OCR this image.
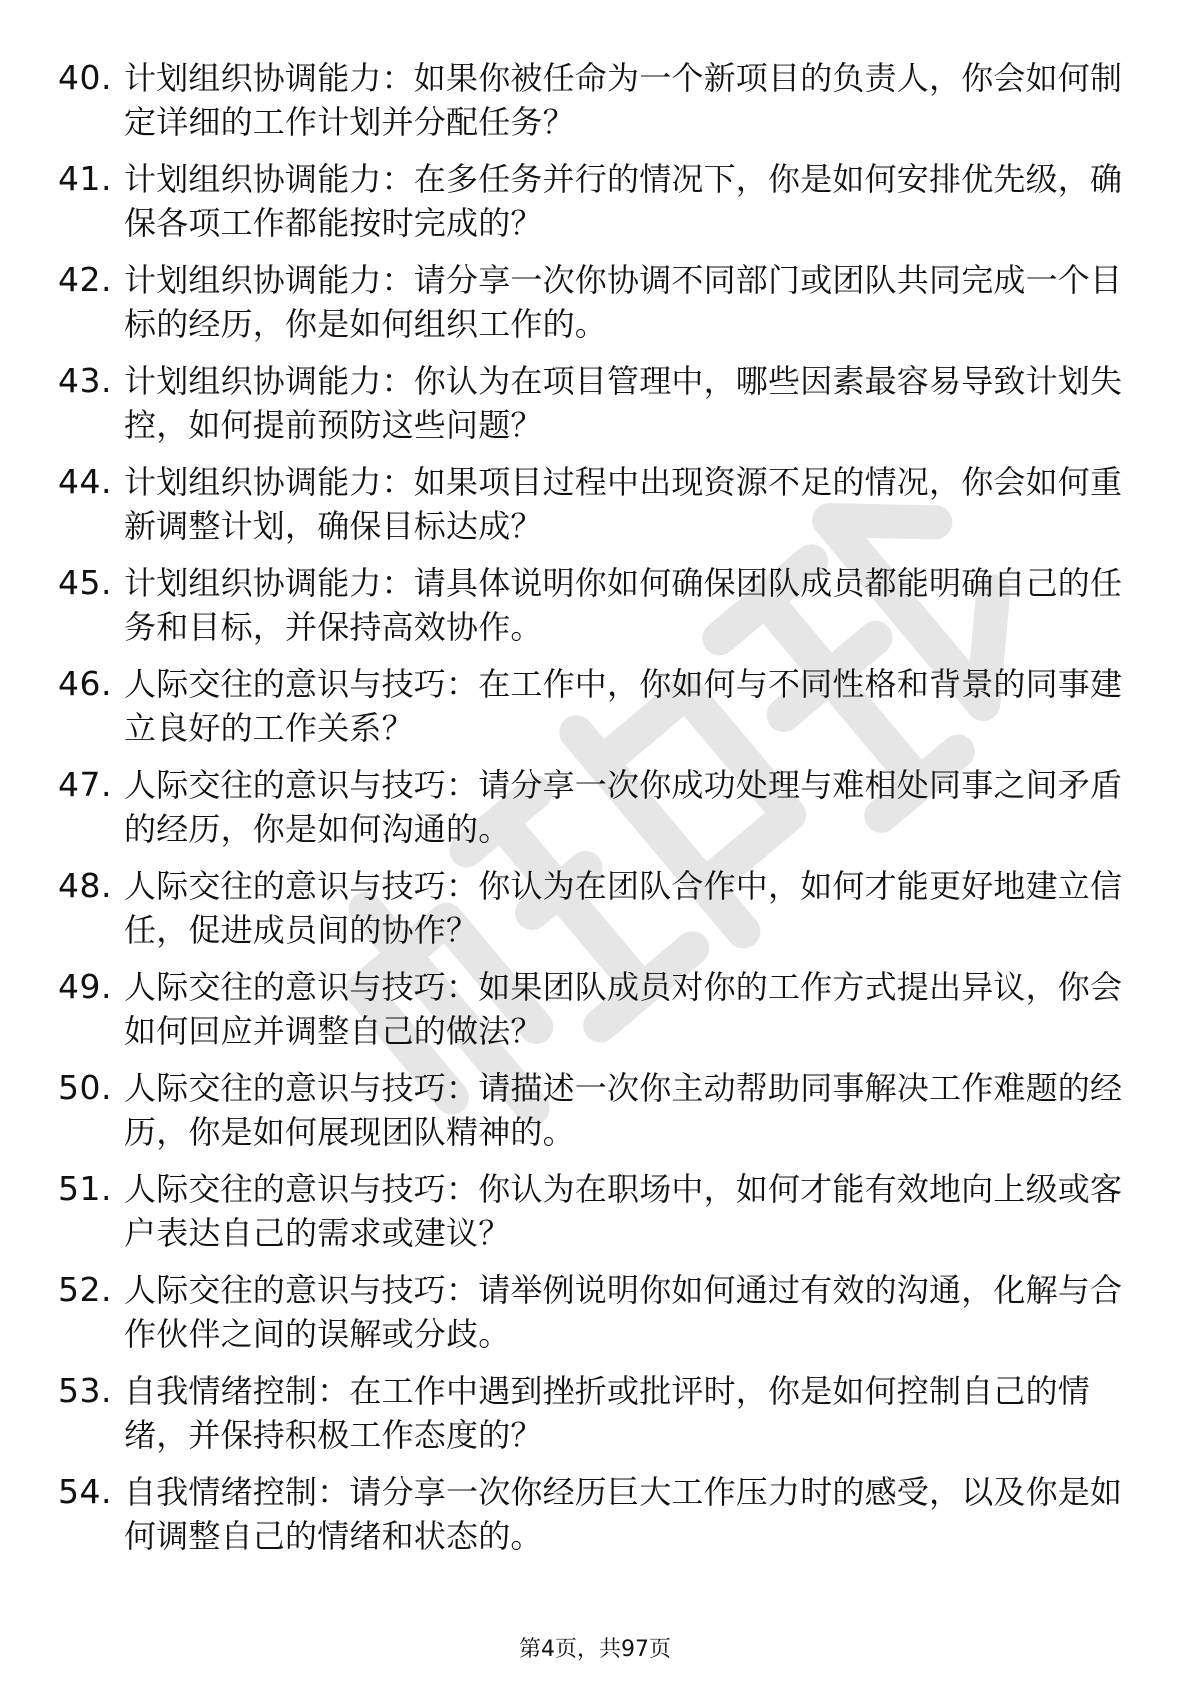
40. 计划组织协调能力：如果你被任命为一个新项目的负责人，你会如何制定详细的工作计划并分配任务？
41. 计划组织协调能力：在多任务并行的情况下，你是如何安排优先级，确保各项工作都能按时完成的？
42. 计划组织协调能力：请分享一次你协调不同部门或团队共同完成一个目标的经历，你是如何组织工作的。
43. 计划组织协调能力：你认为在项目管理中，哪些因素最容易导致计划失控，如何提前预防这些问题？
44. 计划组织协调能力：如果项目过程中出现资源不足的情况，你会如何重新调整计划，确保目标达成？
45. 计划组织协调能力：请具体说明你如何确保团队成员都能明确自己的任务和目标，并保持高效协作。
46. 人际交往的意识与技巧：在工作中，你如何与不同性格和背景的同事建立良好的工作关系？
47. 人际交往的意识与技巧：请分享一次你成功处理与难相处同事之间矛盾的经历，你是如何沟通的。
48. 人际交往的意识与技巧：你认为在团队合作中，如何才能更好地建立信任，促进成员间的协作？
49. 人际交往的意识与技巧：如果团队成员对你的工作方式提出异议，你会如何回应并调整自己的做法？
50. 人际交往的意识与技巧：请描述一次你主动帮助同事解决工作难题的经历，你是如何展现团队精神的。
51. 人际交往的意识与技巧：你认为在职场中，如何才能有效地向上级或客户表达自己的需求或建议？
52. 人际交往的意识与技巧：请举例说明你如何通过有效的沟通，化解与合作伙伴之间的误解或分歧。
53. 自我情绪控制：在工作中遇到挫折或批评时，你是如何控制自己的情绪，并保持积极工作态度的？
54. 自我情绪控制：请分享一次你经历巨大工作压力时的感受，以及你是如何调整自己的情绪和状态的。
第4页，共97页
